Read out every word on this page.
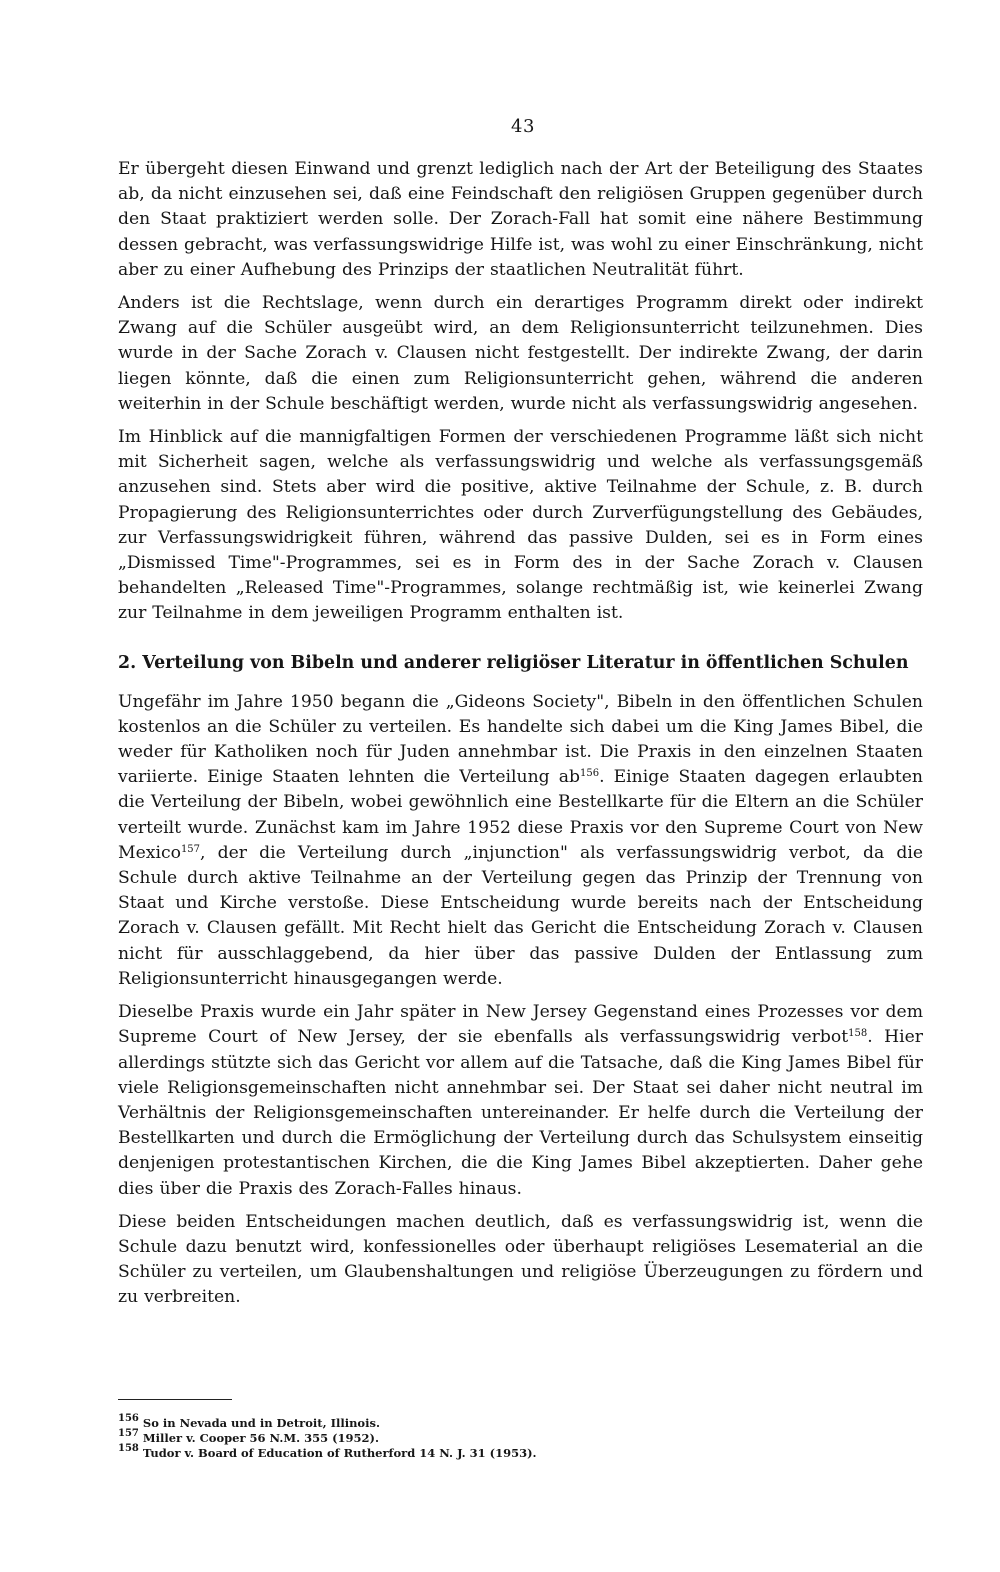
43

Er übergeht diesen Einwand und grenzt lediglich nach der Art der Beteiligung des Staates ab, da nicht einzusehen sei, daß eine Feindschaft den religiösen Gruppen gegenüber durch den Staat praktiziert werden solle. Der Zorach-Fall hat somit eine nähere Bestimmung dessen gebracht, was verfassungswidrige Hilfe ist, was wohl zu einer Einschränkung, nicht aber zu einer Aufhebung des Prinzips der staatlichen Neutralität führt.

Anders ist die Rechtslage, wenn durch ein derartiges Programm direkt oder indirekt Zwang auf die Schüler ausgeübt wird, an dem Religionsunterricht teilzunehmen. Dies wurde in der Sache Zorach v. Clausen nicht festgestellt. Der indirekte Zwang, der darin liegen könnte, daß die einen zum Religionsunterricht gehen, während die anderen weiterhin in der Schule beschäftigt werden, wurde nicht als verfassungswidrig angesehen.

Im Hinblick auf die mannigfaltigen Formen der verschiedenen Programme läßt sich nicht mit Sicherheit sagen, welche als verfassungswidrig und welche als verfassungsgemäß anzusehen sind. Stets aber wird die positive, aktive Teilnahme der Schule, z. B. durch Propagierung des Religionsunterrichtes oder durch Zurverfügungstellung des Gebäudes, zur Verfassungswidrigkeit führen, während das passive Dulden, sei es in Form eines „Dismissed Time"-Programmes, sei es in Form des in der Sache Zorach v. Clausen behandelten „Released Time"-Programmes, solange rechtmäßig ist, wie keinerlei Zwang zur Teilnahme in dem jeweiligen Programm enthalten ist.

2. Verteilung von Bibeln und anderer religiöser Literatur in öffentlichen Schulen

Ungefähr im Jahre 1950 begann die „Gideons Society", Bibeln in den öffentlichen Schulen kostenlos an die Schüler zu verteilen. Es handelte sich dabei um die King James Bibel, die weder für Katholiken noch für Juden annehmbar ist. Die Praxis in den einzelnen Staaten variierte. Einige Staaten lehnten die Verteilung $ab^{156}$. Einige Staaten dagegen erlaubten die Verteilung der Bibeln, wobei gewöhnlich eine Bestellkarte für die Eltern an die Schüler verteilt wurde. Zunächst kam im Jahre 1952 diese Praxis vor den Supreme Court von New Mexico$^{157}$, der die Verteilung durch „injunction" als verfassungswidrig verbot, da die Schule durch aktive Teilnahme an der Verteilung gegen das Prinzip der Trennung von Staat und Kirche verstoße. Diese Entscheidung wurde bereits nach der Entscheidung Zorach v. Clausen gefällt. Mit Recht hielt das Gericht die Entscheidung Zorach v. Clausen nicht für ausschlaggebend, da hier über das passive Dulden der Entlassung zum Religionsunterricht hinausgegangen werde.

Dieselbe Praxis wurde ein Jahr später in New Jersey Gegenstand eines Prozesses vor dem Supreme Court of New Jersey, der sie ebenfalls als verfassungswidrig verbot$^{158}$. Hier allerdings stützte sich das Gericht vor allem auf die Tatsache, daß die King James Bibel für viele Religionsgemeinschaften nicht annehmbar sei. Der Staat sei daher nicht neutral im Verhältnis der Religionsgemeinschaften untereinander. Er helfe durch die Verteilung der Bestellkarten und durch die Ermöglichung der Verteilung durch das Schulsystem einseitig denjenigen protestantischen Kirchen, die die King James Bibel akzeptierten. Daher gehe dies über die Praxis des Zorach-Falles hinaus.

Diese beiden Entscheidungen machen deutlich, daß es verfassungswidrig ist, wenn die Schule dazu benutzt wird, konfessionelles oder überhaupt religiöses Lesematerial an die Schüler zu verteilen, um Glaubenshaltungen und religiöse Überzeugungen zu fördern und zu verbreiten.

$^{156}$ So in Nevada und in Detroit, Illinois.
$^{157}$ Miller v. Cooper 56 N.M. 355 (1952).
$^{158}$ Tudor v. Board of Education of Rutherford 14 N. J. 31 (1953).
